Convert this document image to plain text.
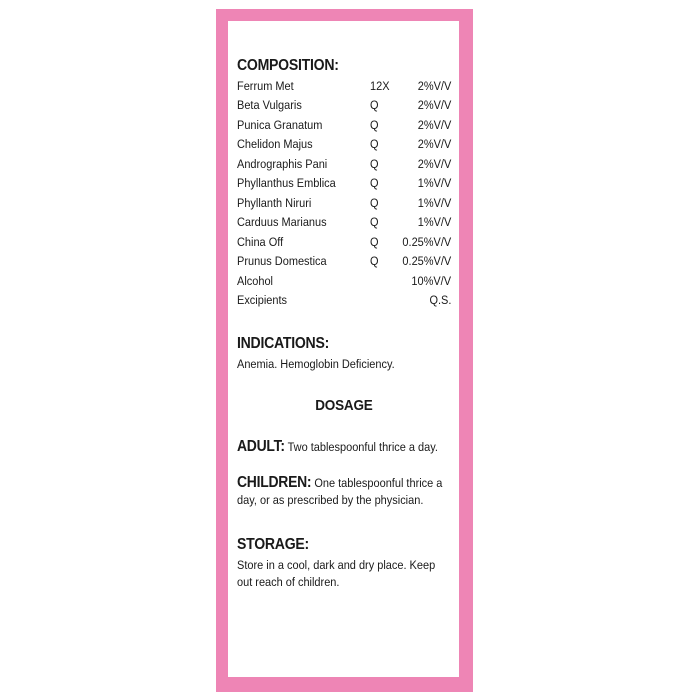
COMPOSITION:
Ferrum Met	12X 2%V/V
Beta Vulgaris	Q	2%V/V
Punica Granatum	Q	2%V/V
Chelidon Majus	Q	2%V/V
Andrographis Pani	Q	2%V/V
Phyllanthus Emblica	Q	1%V/V
Phyllanth Niruri	Q	1%V/V
Carduus Marianus	Q	1%V/V
China Off	Q 0.25%V/V
Prunus Domestica	Q 0.25%V/V
Alcohol	10%V/V
Excipients	Q.S.
INDICATIONS:
Anemia. Hemoglobin Deficiency.
DOSAGE
ADULT: Two tablespoonful thrice a day.
CHILDREN: One tablespoonful thrice a day, or as prescribed by the physician.
STORAGE:
Store in a cool, dark and dry place. Keep out reach of children.
